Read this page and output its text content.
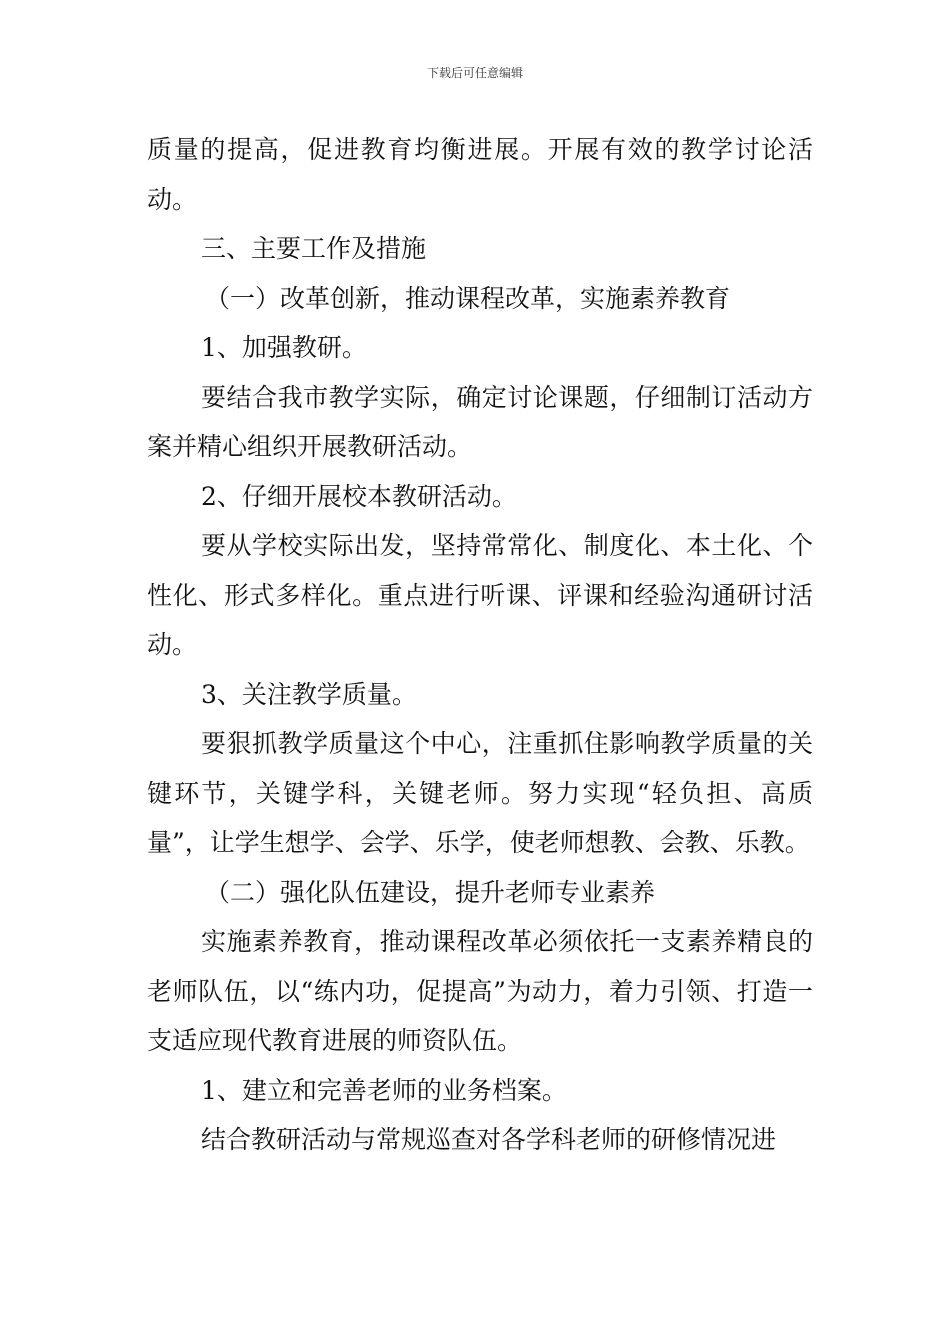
下载后可任意编辑

质量的提高，促进教育均衡进展。开展有效的教学讨论活动。

三、主要工作及措施

（一）改革创新，推动课程改革，实施素养教育

1、加强教研。

要结合我市教学实际，确定讨论课题，仔细制订活动方案并精心组织开展教研活动。

2、仔细开展校本教研活动。

要从学校实际出发，坚持常常化、制度化、本土化、个性化、形式多样化。重点进行听课、评课和经验沟通研讨活动。

3、关注教学质量。

要狠抓教学质量这个中心，注重抓住影响教学质量的关键环节，关键学科，关键老师。努力实现“轻负担、高质量”，让学生想学、会学、乐学，使老师想教、会教、乐教。

（二）强化队伍建设，提升老师专业素养

实施素养教育，推动课程改革必须依托一支素养精良的老师队伍，以“练内功，促提高”为动力，着力引领、打造一支适应现代教育进展的师资队伍。

1、建立和完善老师的业务档案。

结合教研活动与常规巡查对各学科老师的研修情况进
